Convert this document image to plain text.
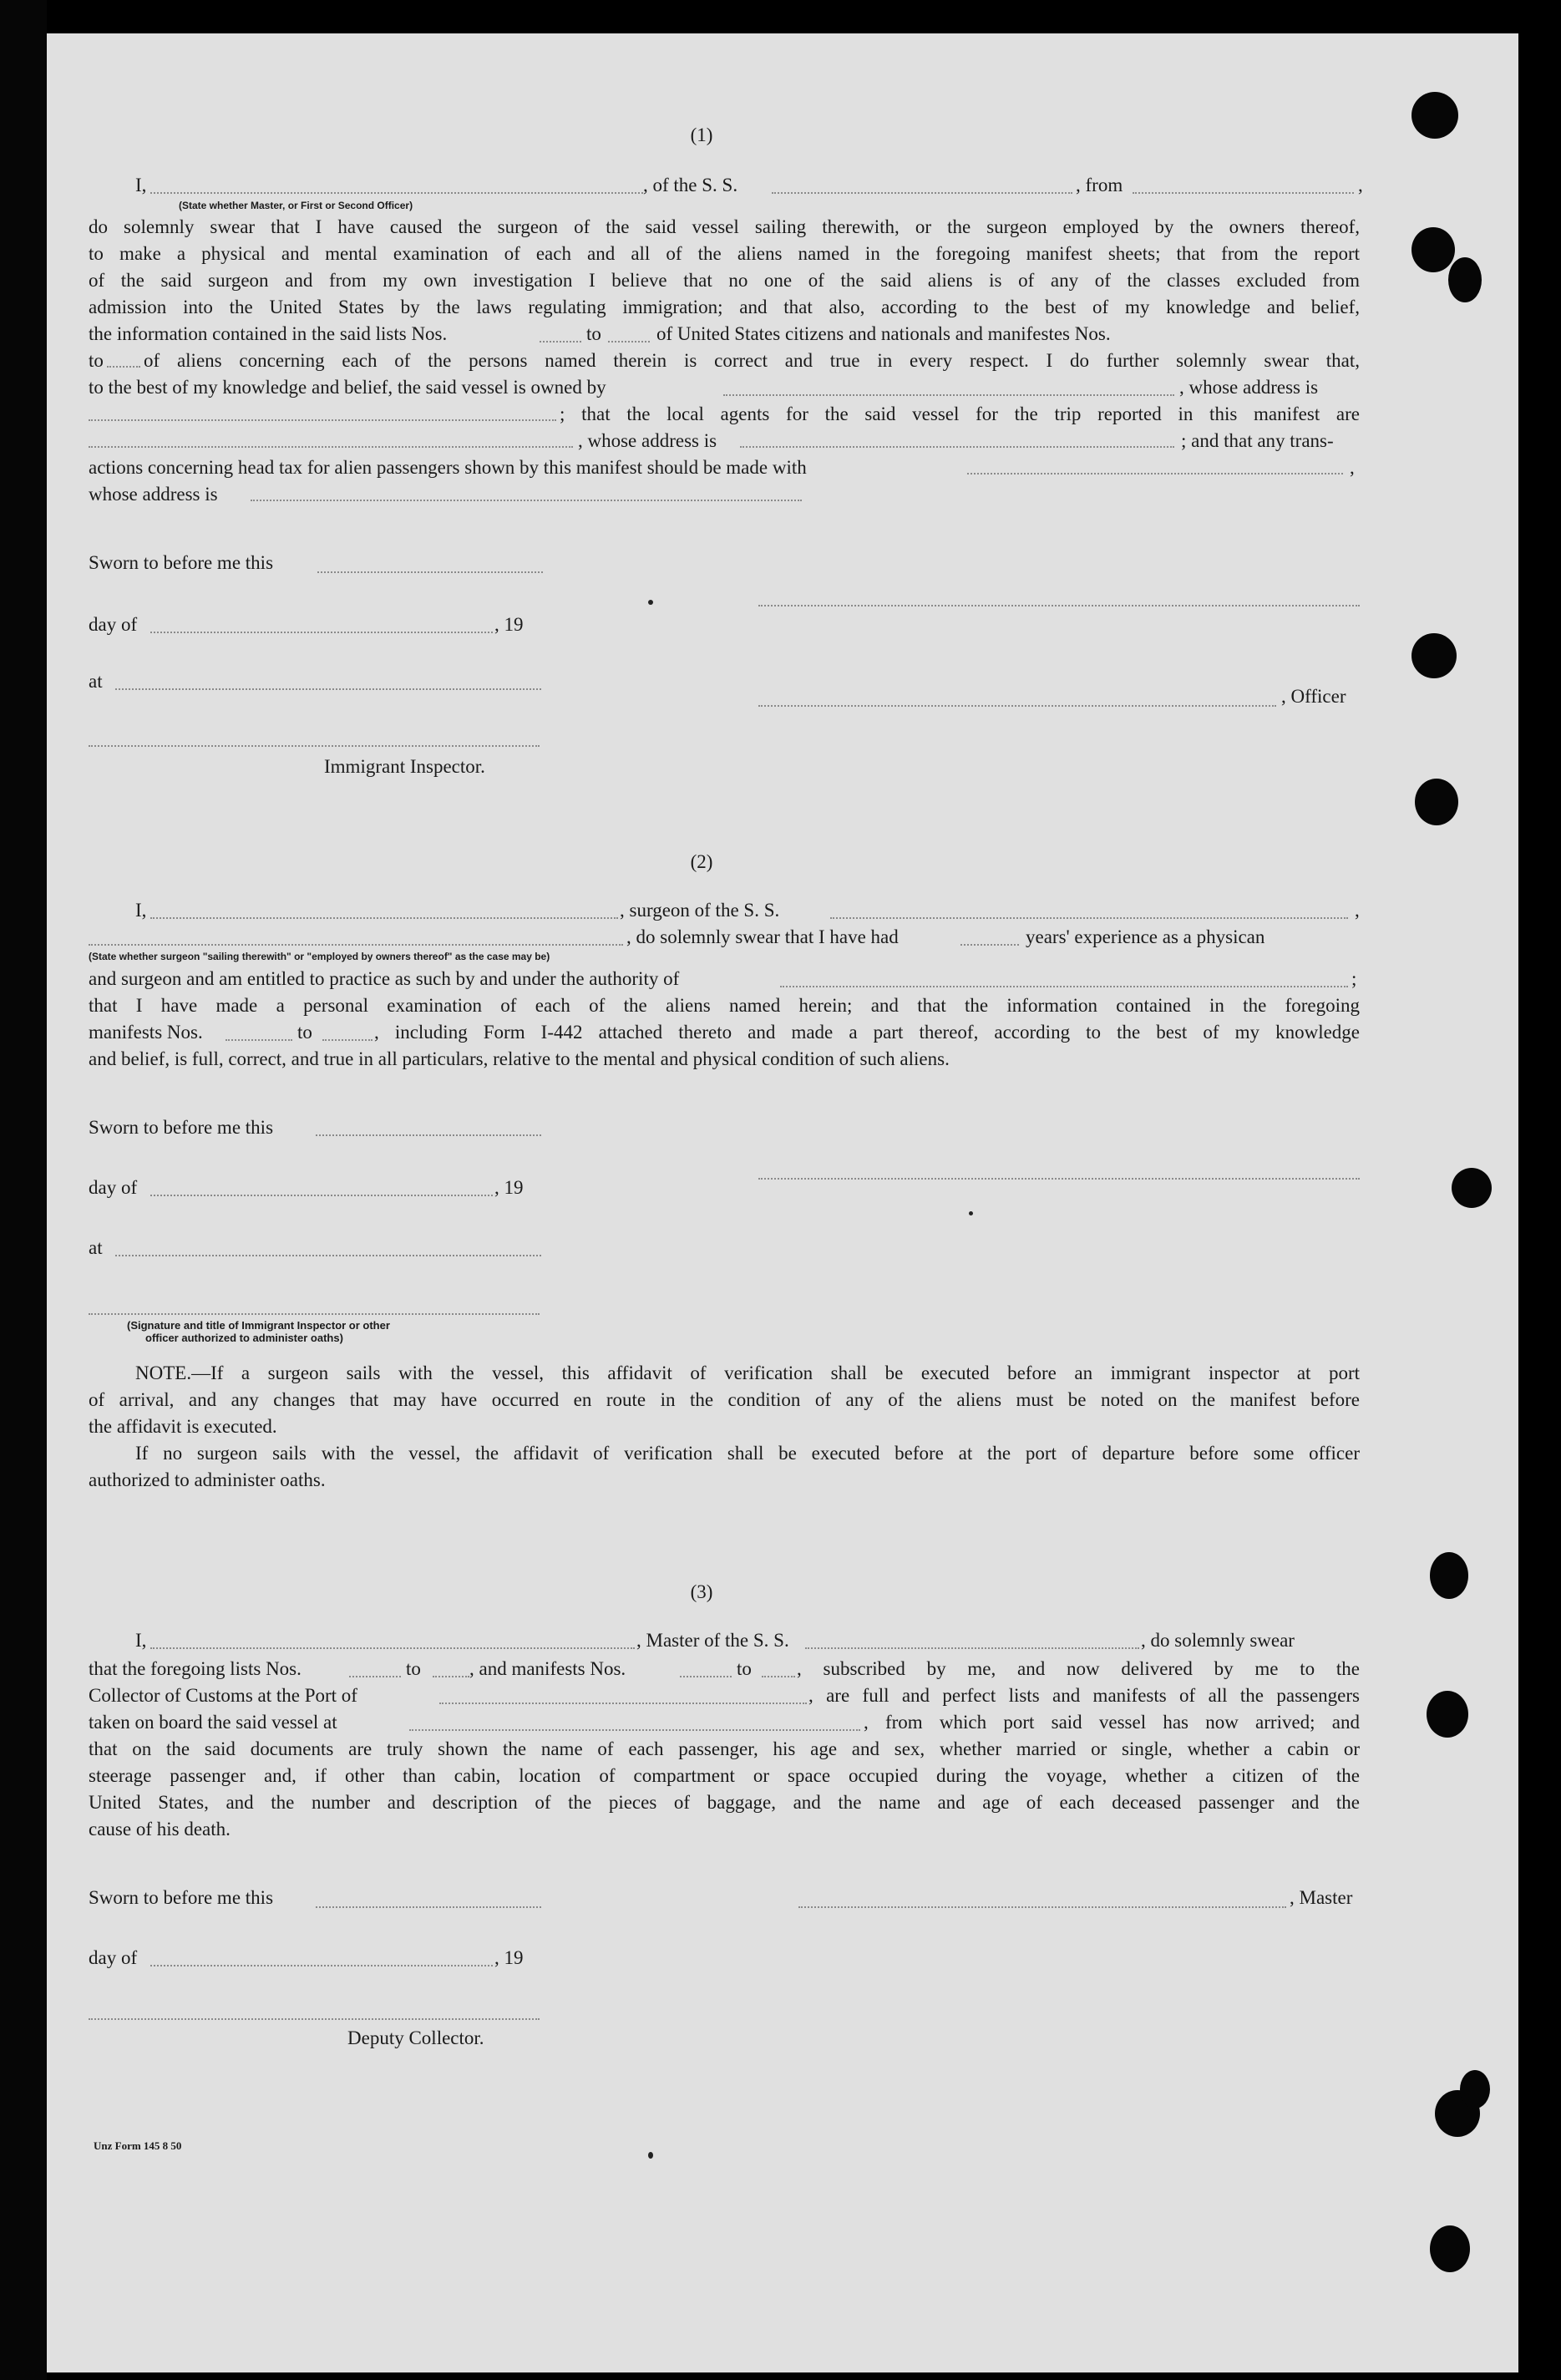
(1)
I,	, of the S. S.	, from	,
(State whether Master, or First or Second Officer)
do solemnly swear that I have caused the surgeon of the said vessel sailing therewith, or the surgeon employed by the owners thereof,
to make a physical and mental examination of each and all of the aliens named in the foregoing manifest sheets; that from the report
of the said surgeon and from my own investigation I believe that no one of the said aliens is of any of the classes excluded from
admission into the United States by the laws regulating immigration; and that also, according to the best of my knowledge and belief,
the information contained in the said lists Nos.	to	of United States citizens and nationals and manifestes Nos.
to of aliens concerning each of the persons named therein is correct and true in every respect. I do further solemnly swear that,
to the best of my knowledge and belief, the said vessel is owned by	, whose address is
; that the local agents for the said vessel for the trip reported in this manifest are
, whose address is	; and that any trans-
actions concerning head tax for alien passengers shown by this manifest should be made with	,
whose address is
Sworn to before me this
day of	, 19
at
, Officer
Immigrant Inspector.
(2)
I,	, surgeon of the S. S.	,
, do solemnly swear that I have had	years' experience as a physican
(State whether surgeon "sailing therewith" or "employed by owners thereof" as the case may be)
and surgeon and am entitled to practice as such by and under the authority of	;
that I have made a personal examination of each of the aliens named herein; and that the information contained in the foregoing
manifests Nos.	to	, including Form I-442 attached thereto and made a part thereof, according to the best of my knowledge
and belief, is full, correct, and true in all particulars, relative to the mental and physical condition of such aliens.
Sworn to before me this
day of	, 19
at
(Signature and title of Immigrant Inspector or other
officer authorized to administer oaths)
NOTE.—If a surgeon sails with the vessel, this affidavit of verification shall be executed before an immigrant inspector at port
of arrival, and any changes that may have occurred en route in the condition of any of the aliens must be noted on the manifest before
the affidavit is executed.
If no surgeon sails with the vessel, the affidavit of verification shall be executed before at the port of departure before some officer
authorized to administer oaths.
(3)
I,	, Master of the S. S.	, do solemnly swear
that the foregoing lists Nos.	to	, and manifests Nos.	to , subscribed by me, and now delivered by me to the
Collector of Customs at the Port of	, are full and perfect lists and manifests of all the passengers
taken on board the said vessel at	, from which port said vessel has now arrived; and
that on the said documents are truly shown the name of each passenger, his age and sex, whether married or single, whether a cabin or
steerage passenger and, if other than cabin, location of compartment or space occupied during the voyage, whether a citizen of the
United States, and the number and description of the pieces of baggage, and the name and age of each deceased passenger and the
cause of his death.
Sworn to before me this	, Master
day of	, 19
Deputy Collector.
Unz Form 145 8 50
